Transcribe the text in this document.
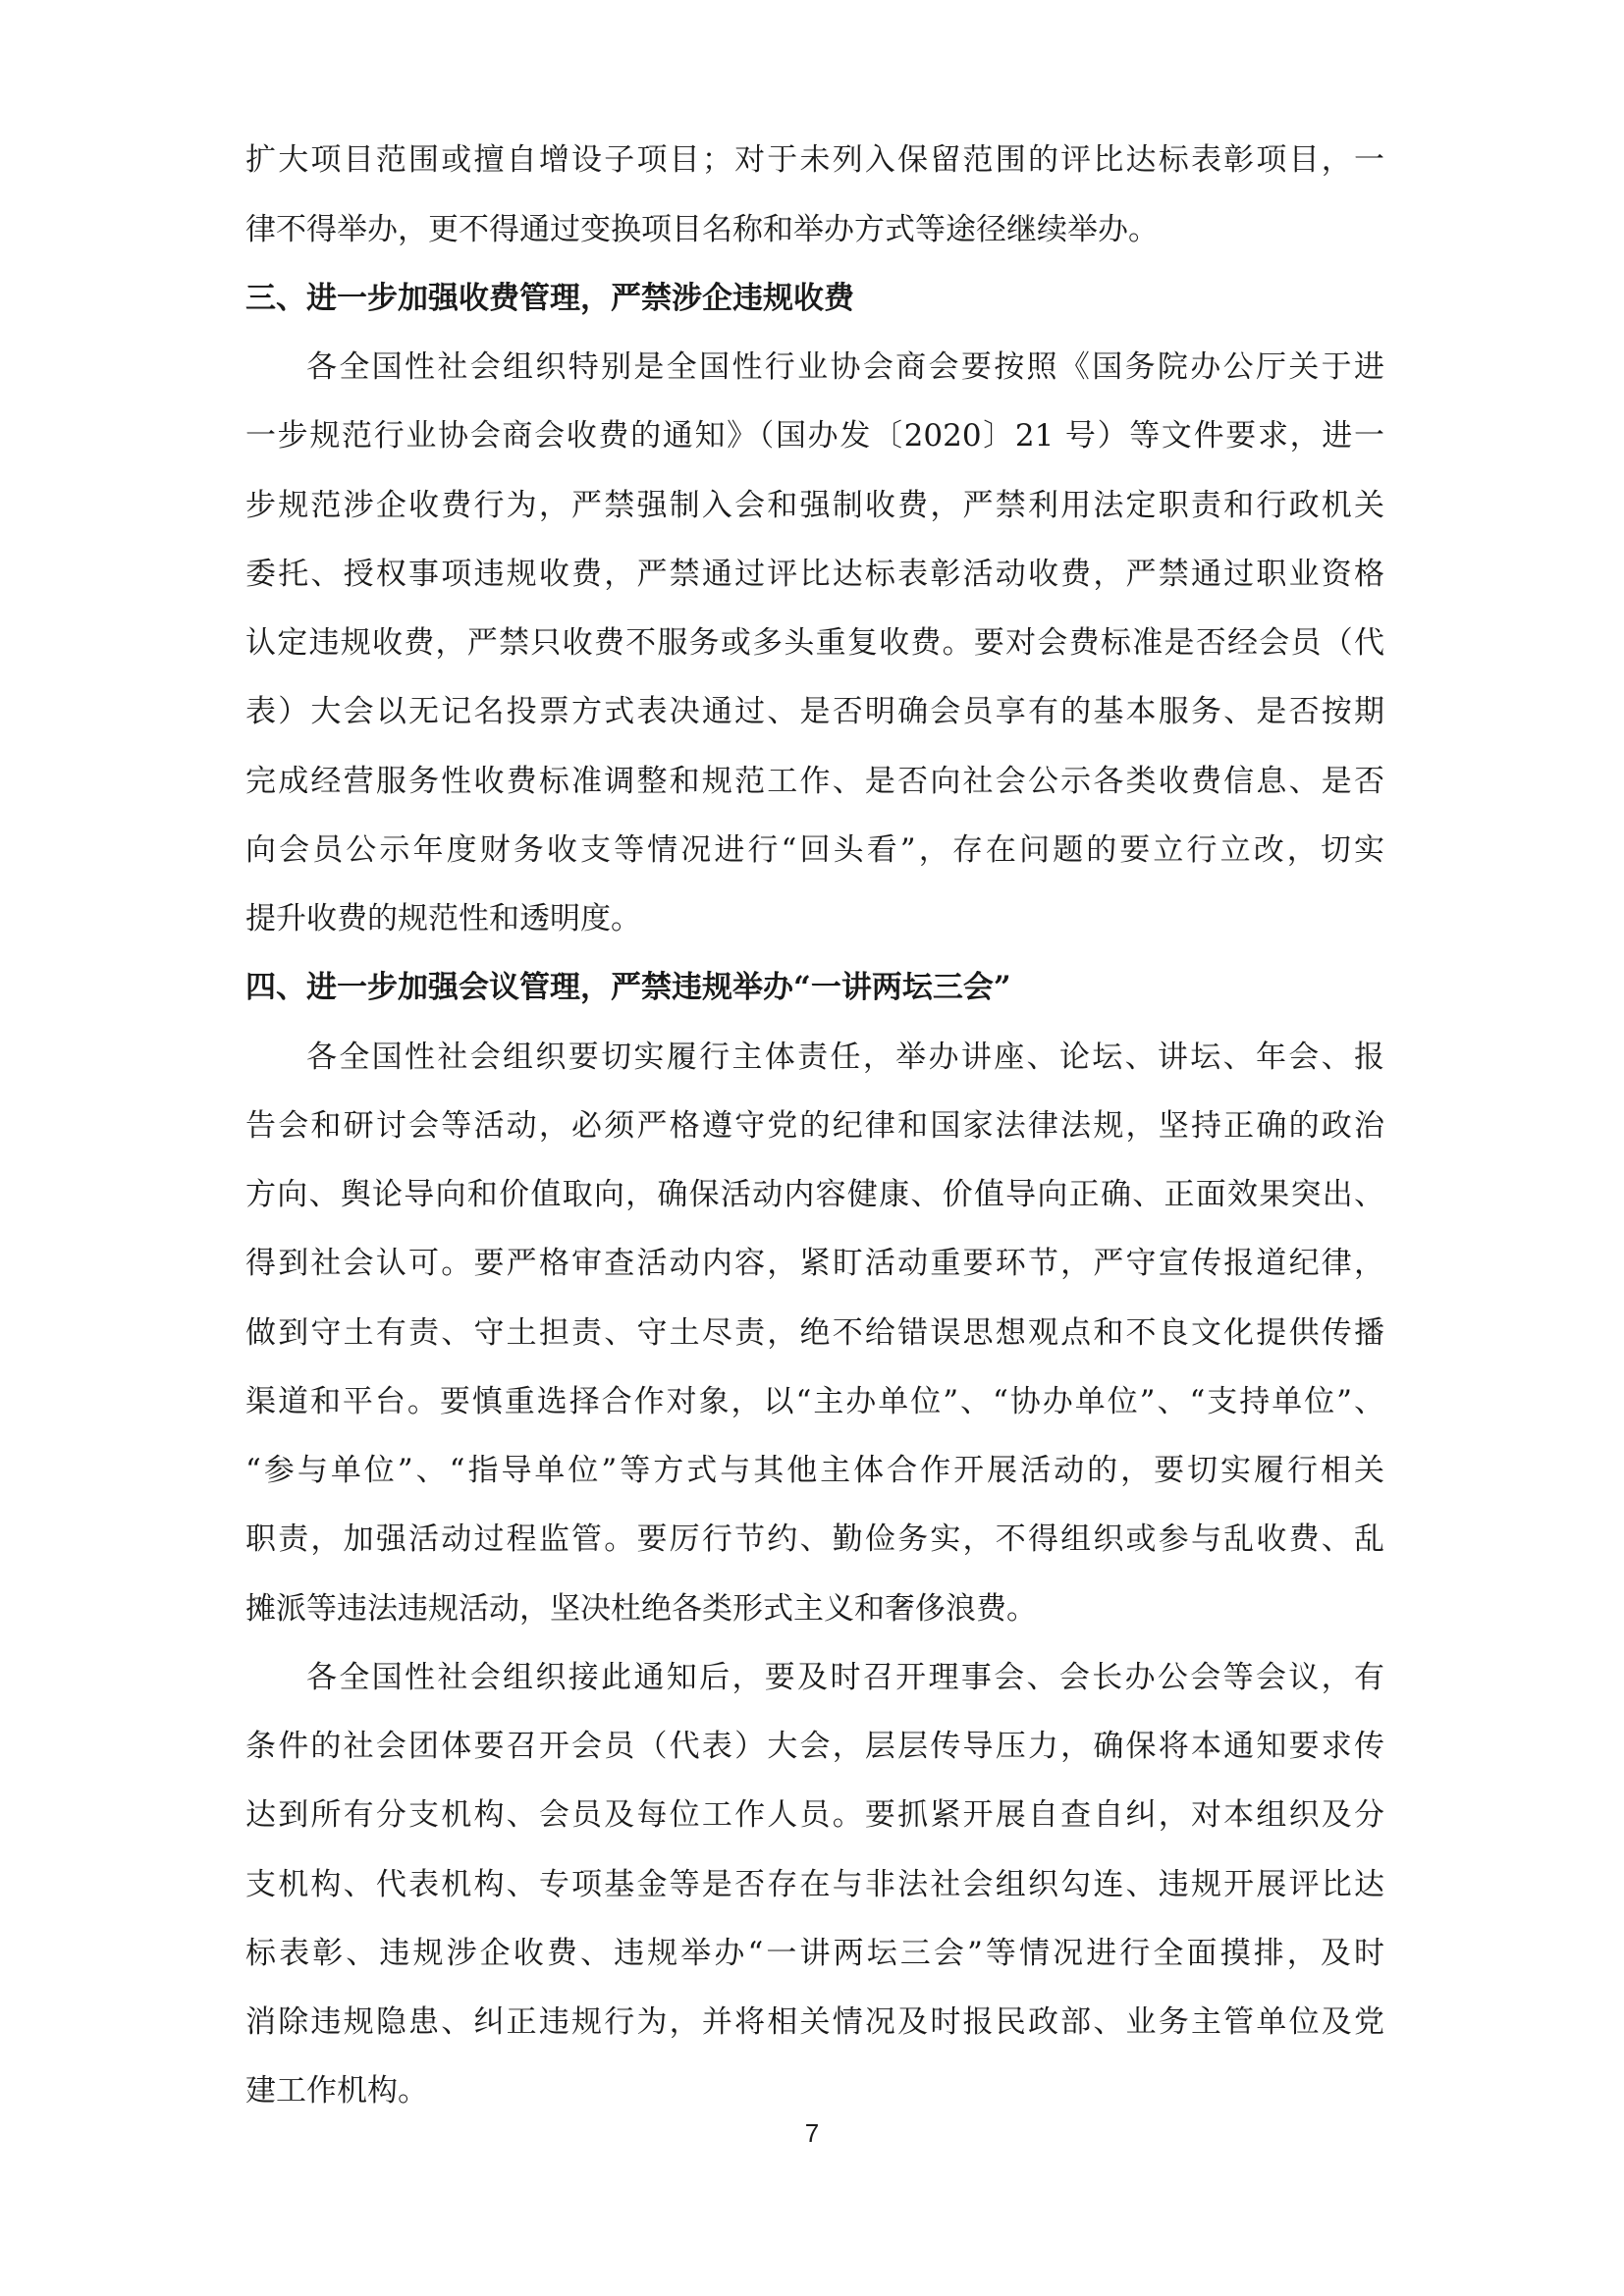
扩大项目范围或擅自增设子项目；对于未列入保留范围的评比达标表彰项目，一
律不得举办，更不得通过变换项目名称和举办方式等途径继续举办。
三、进一步加强收费管理，严禁涉企违规收费
各全国性社会组织特别是全国性行业协会商会要按照《国务院办公厅关于进
一步规范行业协会商会收费的通知》（国办发〔2020〕21 号）等文件要求，进一
步规范涉企收费行为，严禁强制入会和强制收费，严禁利用法定职责和行政机关
委托、授权事项违规收费，严禁通过评比达标表彰活动收费，严禁通过职业资格
认定违规收费，严禁只收费不服务或多头重复收费。要对会费标准是否经会员（代
表）大会以无记名投票方式表决通过、是否明确会员享有的基本服务、是否按期
完成经营服务性收费标准调整和规范工作、是否向社会公示各类收费信息、是否
向会员公示年度财务收支等情况进行“回头看”，存在问题的要立行立改，切实
提升收费的规范性和透明度。
四、进一步加强会议管理，严禁违规举办“一讲两坛三会”
各全国性社会组织要切实履行主体责任，举办讲座、论坛、讲坛、年会、报
告会和研讨会等活动，必须严格遵守党的纪律和国家法律法规，坚持正确的政治
方向、舆论导向和价值取向，确保活动内容健康、价值导向正确、正面效果突出、
得到社会认可。要严格审查活动内容，紧盯活动重要环节，严守宣传报道纪律，
做到守土有责、守土担责、守土尽责，绝不给错误思想观点和不良文化提供传播
渠道和平台。要慎重选择合作对象，以“主办单位”、“协办单位”、“支持单位”、
“参与单位”、“指导单位”等方式与其他主体合作开展活动的，要切实履行相关
职责，加强活动过程监管。要厉行节约、勤俭务实，不得组织或参与乱收费、乱
摊派等违法违规活动，坚决杜绝各类形式主义和奢侈浪费。
各全国性社会组织接此通知后，要及时召开理事会、会长办公会等会议，有
条件的社会团体要召开会员（代表）大会，层层传导压力，确保将本通知要求传
达到所有分支机构、会员及每位工作人员。要抓紧开展自查自纠，对本组织及分
支机构、代表机构、专项基金等是否存在与非法社会组织勾连、违规开展评比达
标表彰、违规涉企收费、违规举办“一讲两坛三会”等情况进行全面摸排，及时
消除违规隐患、纠正违规行为，并将相关情况及时报民政部、业务主管单位及党
建工作机构。
7
